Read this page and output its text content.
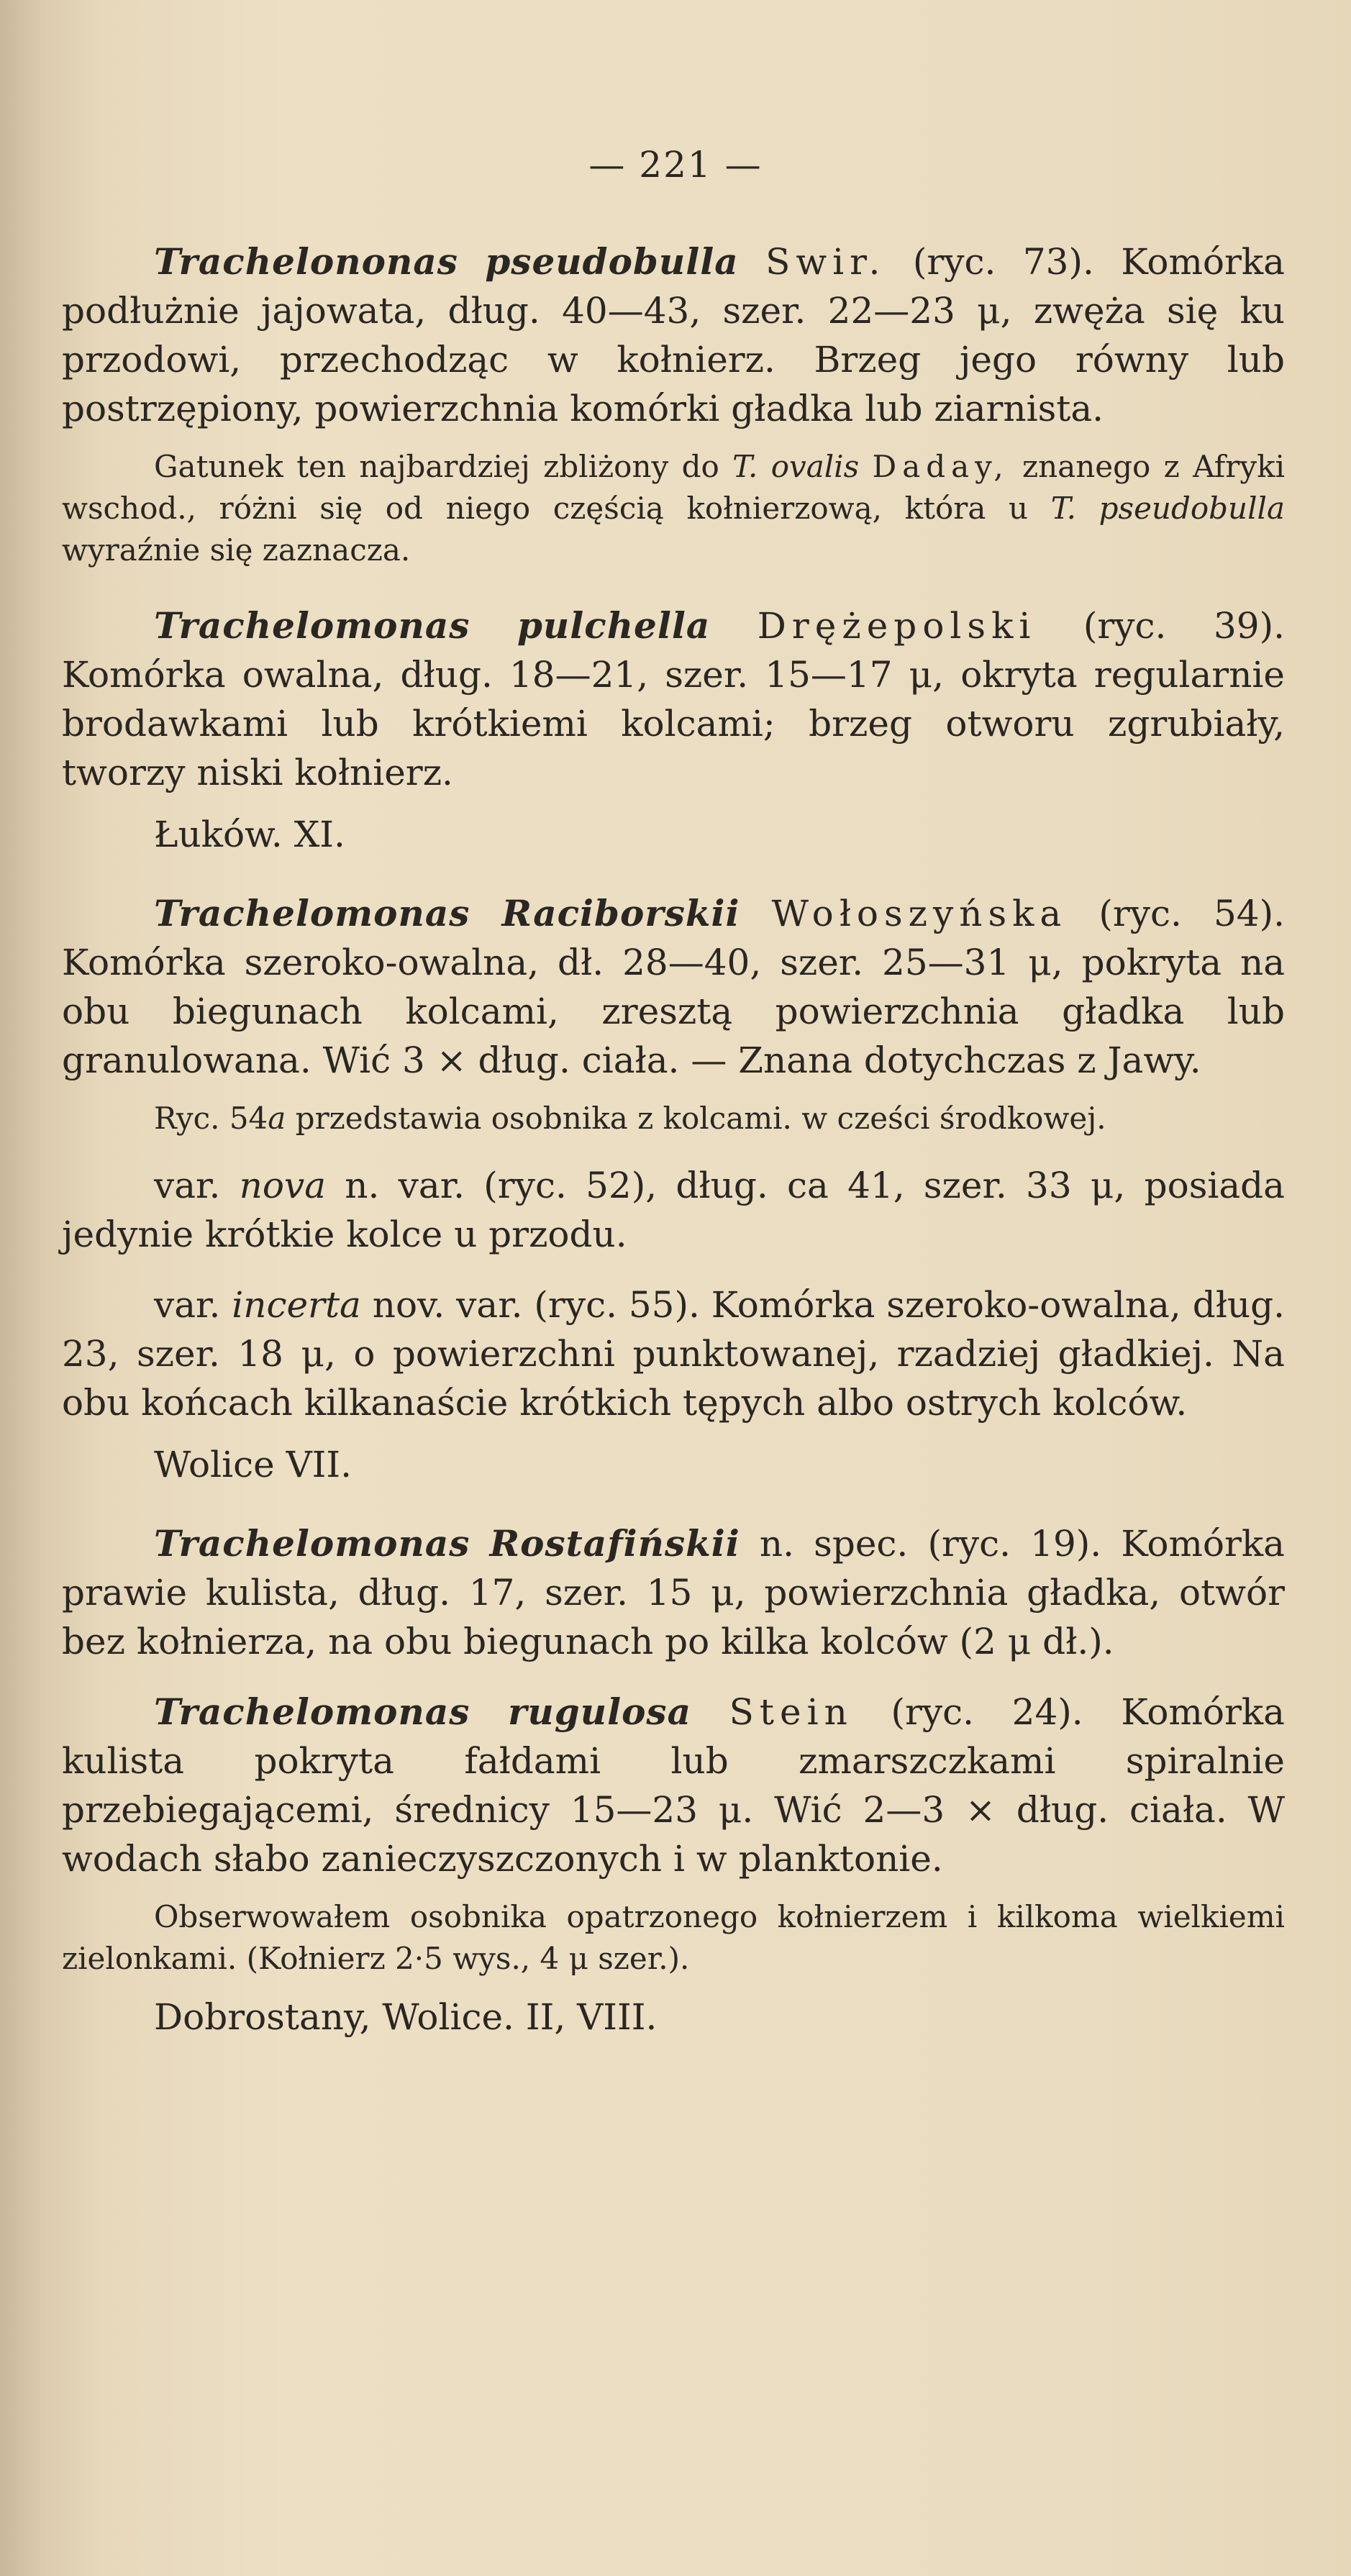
— 221 —

Trachelononas pseudobulla Swir. (ryc. 73). Komórka podłużnie jajowata, dług. 40—43, szer. 22—23 μ, zwęża się ku przodowi, przechodząc w kołnierz. Brzeg jego równy lub postrzępiony, powierzchnia komórki gładka lub ziarnista.

Gatunek ten najbardziej zbliżony do T. ovalis Daday, znanego z Afryki wschod., różni się od niego częścią kołnierzową, która u T. pseudobulla wyraźnie się zaznacza.

Trachelomonas pulchella Drężepolski (ryc. 39). Komórka owalna, dług. 18—21, szer. 15—17 μ, okryta regularnie brodawkami lub krótkiemi kolcami; brzeg otworu zgrubiały, tworzy niski kołnierz.

Łuków. XI.

Trachelomonas Raciborskii Wołoszyńska (ryc. 54). Komórka szeroko-owalna, dł. 28—40, szer. 25—31 μ, pokryta na obu biegunach kolcami, zresztą powierzchnia gładka lub granulowana. Wić 3 × dług. ciała. — Znana dotychczas z Jawy.

Ryc. 54a przedstawia osobnika z kolcami. w cześci środkowej.

var. nova n. var. (ryc. 52), dług. ca 41, szer. 33 μ, posiada jedynie krótkie kolce u przodu.

var. incerta nov. var. (ryc. 55). Komórka szeroko-owalna, dług. 23, szer. 18 μ, o powierzchni punktowanej, rzadziej gładkiej. Na obu końcach kilkanaście krótkich tępych albo ostrych kolców.

Wolice VII.

Trachelomonas Rostafińskii n. spec. (ryc. 19). Komórka prawie kulista, dług. 17, szer. 15 μ, powierzchnia gładka, otwór bez kołnierza, na obu biegunach po kilka kolców (2 μ dł.).

Trachelomonas rugulosa Stein (ryc. 24). Komórka kulista pokryta fałdami lub zmarszczkami spiralnie przebiegającemi, średnicy 15—23 μ. Wić 2—3 × dług. ciała. W wodach słabo zanieczyszczonych i w planktonie.

Obserwowałem osobnika opatrzonego kołnierzem i kilkoma wielkiemi zielonkami. (Kołnierz 2·5 wys., 4 μ szer.).

Dobrostany, Wolice. II, VIII.
